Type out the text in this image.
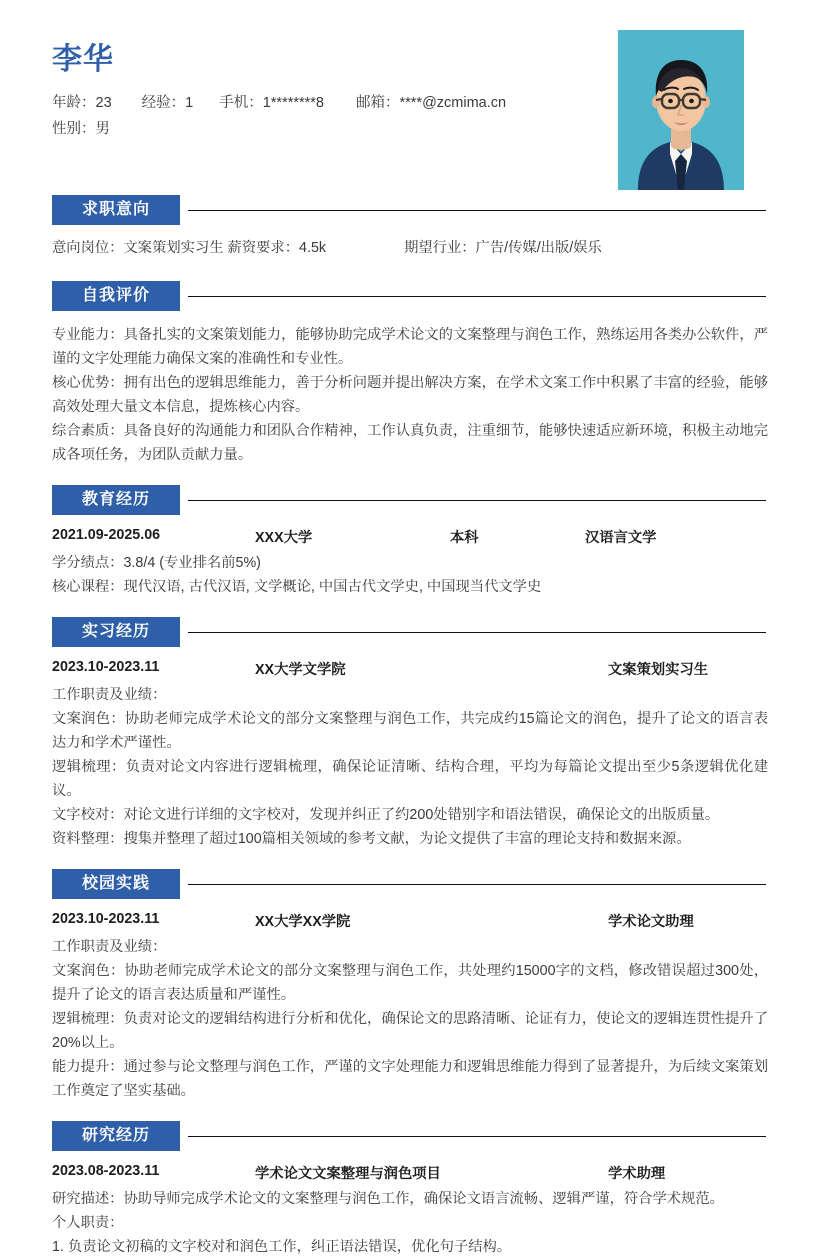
李华
年龄：23 经验：1 手机：1********8 邮箱：****@zcmima.cn
性别：男
求职意向
意向岗位：文案策划实习生 薪资要求：4.5k	期望行业：广告/传媒/出版/娱乐
自我评价

专业能力：具备扎实的文案策划能力，能够协助完成学术论文的文案整理与润色工作，熟练运用各类办公软件，严谨的文字处理能力确保文案的准确性和专业性。

核心优势：拥有出色的逻辑思维能力，善于分析问题并提出解决方案，在学术文案工作中积累了丰富的经验，能够高效处理大量文本信息，提炼核心内容。

综合素质：具备良好的沟通能力和团队合作精神，工作认真负责，注重细节，能够快速适应新环境，积极主动地完成各项任务，为团队贡献力量。

教育经历
2021.09-2025.06	XXX大学	本科	汉语言文学

学分绩点：3.8/4 (专业排名前5%)

核心课程：现代汉语, 古代汉语, 文学概论, 中国古代文学史, 中国现当代文学史

实习经历
2023.10-2023.11	XX大学文学院	文案策划实习生

工作职责及业绩：

文案润色：协助老师完成学术论文的部分文案整理与润色工作，共完成约15篇论文的润色，提升了论文的语言表达力和学术严谨性。

逻辑梳理：负责对论文内容进行逻辑梳理，确保论证清晰、结构合理，平均为每篇论文提出至少5条逻辑优化建议。

文字校对：对论文进行详细的文字校对，发现并纠正了约200处错别字和语法错误，确保论文的出版质量。

资料整理：搜集并整理了超过100篇相关领域的参考文献，为论文提供了丰富的理论支持和数据来源。

校园实践
2023.10-2023.11	XX大学XX学院	学术论文助理

工作职责及业绩：

文案润色：协助老师完成学术论文的部分文案整理与润色工作，共处理约15000字的文档，修改错误超过300处，提升了论文的语言表达质量和严谨性。

逻辑梳理：负责对论文的逻辑结构进行分析和优化，确保论文的思路清晰、论证有力，使论文的逻辑连贯性提升了20%以上。

能力提升：通过参与论文整理与润色工作，严谨的文字处理能力和逻辑思维能力得到了显著提升，为后续文案策划工作奠定了坚实基础。

研究经历
2023.08-2023.11	学术论文文案整理与润色项目	学术助理

研究描述：协助导师完成学术论文的文案整理与润色工作，确保论文语言流畅、逻辑严谨，符合学术规范。

个人职责：

1. 负责论文初稿的文字校对和润色工作，纠正语法错误，优化句子结构。
